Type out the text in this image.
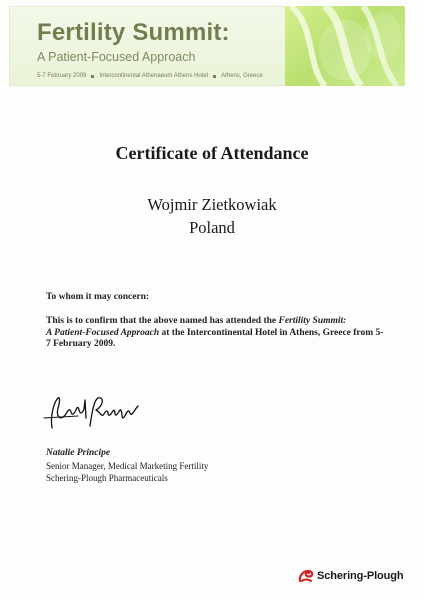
Fertility Summit:
A Patient-Focused Approach
5-7 February 2009 Intercontinental Athenaeum Athens Hotel Athens, Greece
Certificate of Attendance
Wojmir Zietkowiak
Poland
To whom it may concern:
This is to confirm that the above named has attended the Fertility Summit:
A Patient-Focused Approach at the Intercontinental Hotel in Athens, Greece from 5-7 February 2009.
Natalie Principe
Senior Manager, Medical Marketing Fertility
Schering-Plough Pharmaceuticals
Schering-Plough
